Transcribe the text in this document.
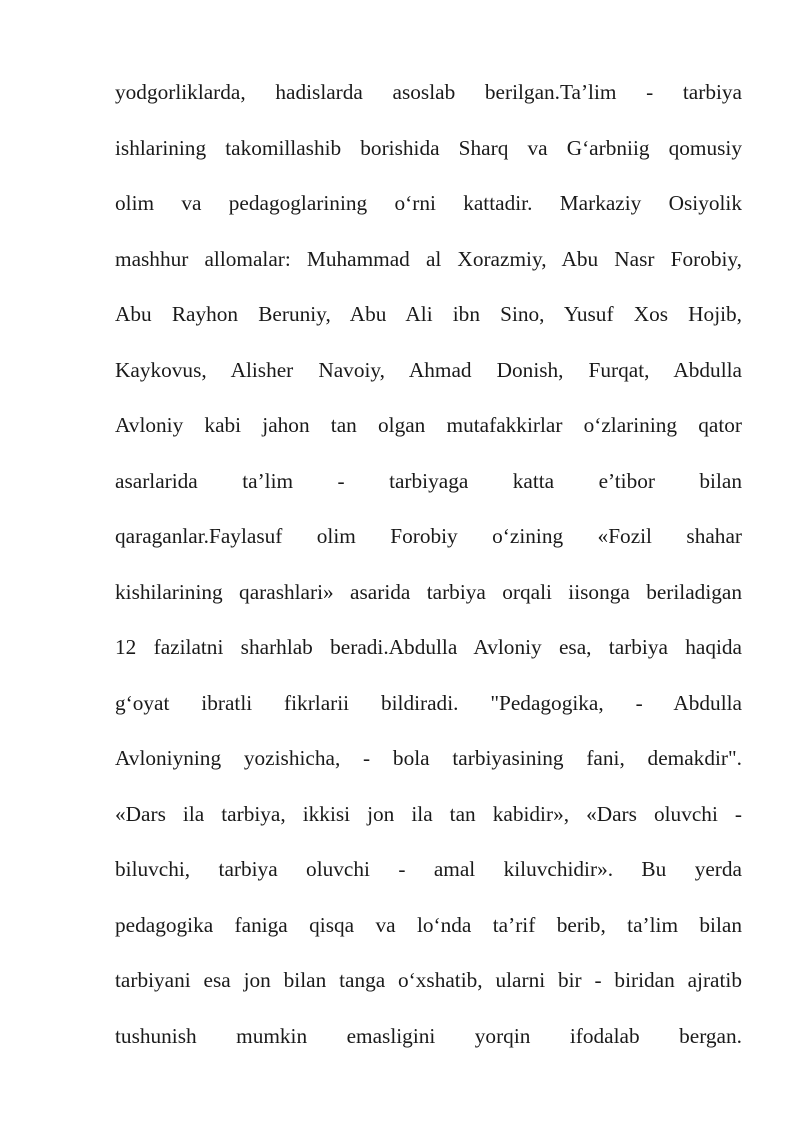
yodgorliklarda, hadislarda asoslab berilgan.Ta’lim - tarbiya
ishlarining takomillashib borishida Sharq va G‘arbniig qomusiy
olim va pedagoglarining o‘rni kattadir. Markaziy Osiyolik
mashhur allomalar: Muhammad al Xorazmiy, Abu Nasr Forobiy,
Abu Rayhon Beruniy, Abu Ali ibn Sino, Yusuf Xos Hojib,
Kaykovus, Alisher Navoiy, Ahmad Donish, Furqat, Abdulla
Avloniy kabi jahon tan olgan mutafakkirlar o‘zlarining qator
asarlarida ta’lim - tarbiyaga katta e’tibor bilan
qaraganlar.Faylasuf olim Forobiy o‘zining «Fozil shahar
kishilarining qarashlari» asarida tarbiya orqali iisonga beriladigan
12 fazilatni sharhlab beradi.Abdulla Avloniy esa, tarbiya haqida
g‘oyat ibratli fikrlarii bildiradi. "Pedagogika, - Abdulla
Avloniyning yozishicha, - bola tarbiyasining fani, demakdir".
«Dars ila tarbiya, ikkisi jon ila tan kabidir», «Dars oluvchi -
biluvchi, tarbiya oluvchi - amal kiluvchidir». Bu yerda
pedagogika faniga qisqa va lo‘nda ta’rif berib, ta’lim bilan
tarbiyani esa jon bilan tanga o‘xshatib, ularni bir - biridan ajratib
tushunish mumkin emasligini yorqin ifodalab bergan.
